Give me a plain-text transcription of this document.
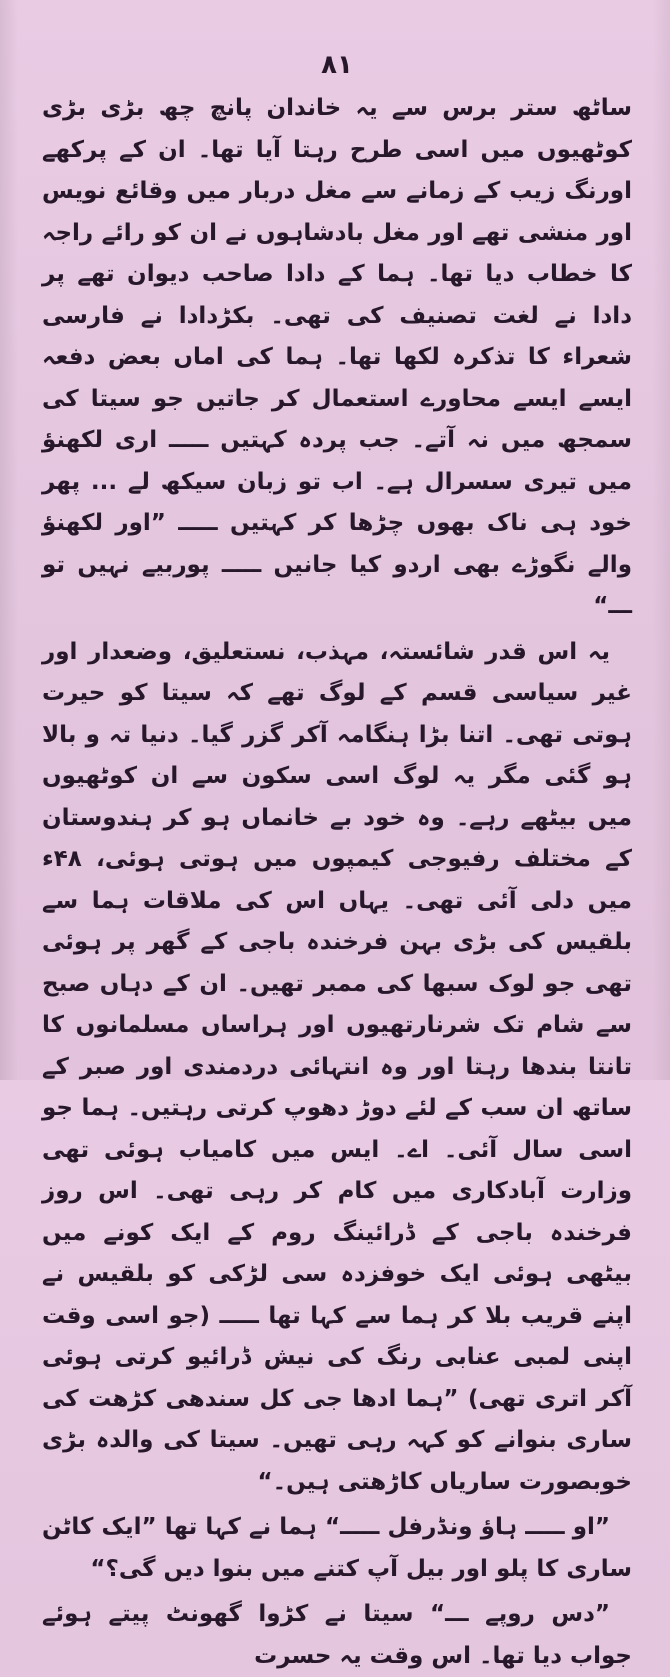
۸۱

ساٹھ ستر برس سے یہ خاندان پانچ چھ بڑی بڑی کوٹھیوں میں اسی طرح رہتا آیا تھا۔ ان کے پرکھے اورنگ زیب کے زمانے سے مغل دربار میں وقائع نویس اور منشی تھے اور مغل بادشاہوں نے ان کو رائے راجہ کا خطاب دیا تھا۔ ہما کے دادا صاحب دیوان تھے پر دادا نے لغت تصنیف کی تھی۔ بکڑدادا نے فارسی شعراء کا تذکرہ لکھا تھا۔ ہما کی اماں بعض دفعہ ایسے ایسے محاورے استعمال کر جاتیں جو سیتا کی سمجھ میں نہ آتے۔ جب پردہ کہتیں ـــــ اری لکھنؤ میں تیری سسرال ہے۔ اب تو زبان سیکھ لے ... پھر خود ہی ناک بھوں چڑھا کر کہتیں ـــــ ”اور لکھنؤ والے نگوڑے بھی اردو کیا جانیں ـــــ پوربیے نہیں تو ـــ“

یہ اس قدر شائستہ، مہذب، نستعلیق، وضعدار اور غیر سیاسی قسم کے لوگ تھے کہ سیتا کو حیرت ہوتی تھی۔ اتنا بڑا ہنگامہ آکر گزر گیا۔ دنیا تہ و بالا ہو گئی مگر یہ لوگ اسی سکون سے ان کوٹھیوں میں بیٹھے رہے۔ وہ خود بے خانماں ہو کر ہندوستان کے مختلف رفیوجی کیمپوں میں ہوتی ہوئی، ۴۸ء میں دلی آئی تھی۔ یہاں اس کی ملاقات ہما سے بلقیس کی بڑی بہن فرخندہ باجی کے گھر پر ہوئی تھی جو لوک سبھا کی ممبر تھیں۔ ان کے دہاں صبح سے شام تک شرنارتھیوں اور ہراساں مسلمانوں کا تانتا بندھا رہتا اور وہ انتہائی دردمندی اور صبر کے ساتھ ان سب کے لئے دوڑ دھوپ کرتی رہتیں۔ ہما جو اسی سال آئی۔ اے۔ ایس میں کامیاب ہوئی تھی وزارت آبادکاری میں کام کر رہی تھی۔ اس روز فرخندہ باجی کے ڈرائینگ روم کے ایک کونے میں بیٹھی ہوئی ایک خوفزدہ سی لڑکی کو بلقیس نے اپنے قریب بلا کر ہما سے کہا تھا ـــــ (جو اسی وقت اپنی لمبی عنابی رنگ کی نیش ڈرائیو کرتی ہوئی آکر اتری تھی) ”ہما ادھا جی کل سندھی کڑھت کی ساری بنوانے کو کہہ رہی تھیں۔ سیتا کی والدہ بڑی خوبصورت ساریاں کاڑھتی ہیں۔“

”او ـــــ ہاؤ ونڈرفل ـــــ“ ہما نے کہا تھا ”ایک کاٹن ساری کا پلو اور بیل آپ کتنے میں بنوا دیں گی؟“

”دس روپے ـــ“ سیتا نے کڑوا گھونٹ پیتے ہوئے جواب دیا تھا۔ اس وقت یہ حسرت
